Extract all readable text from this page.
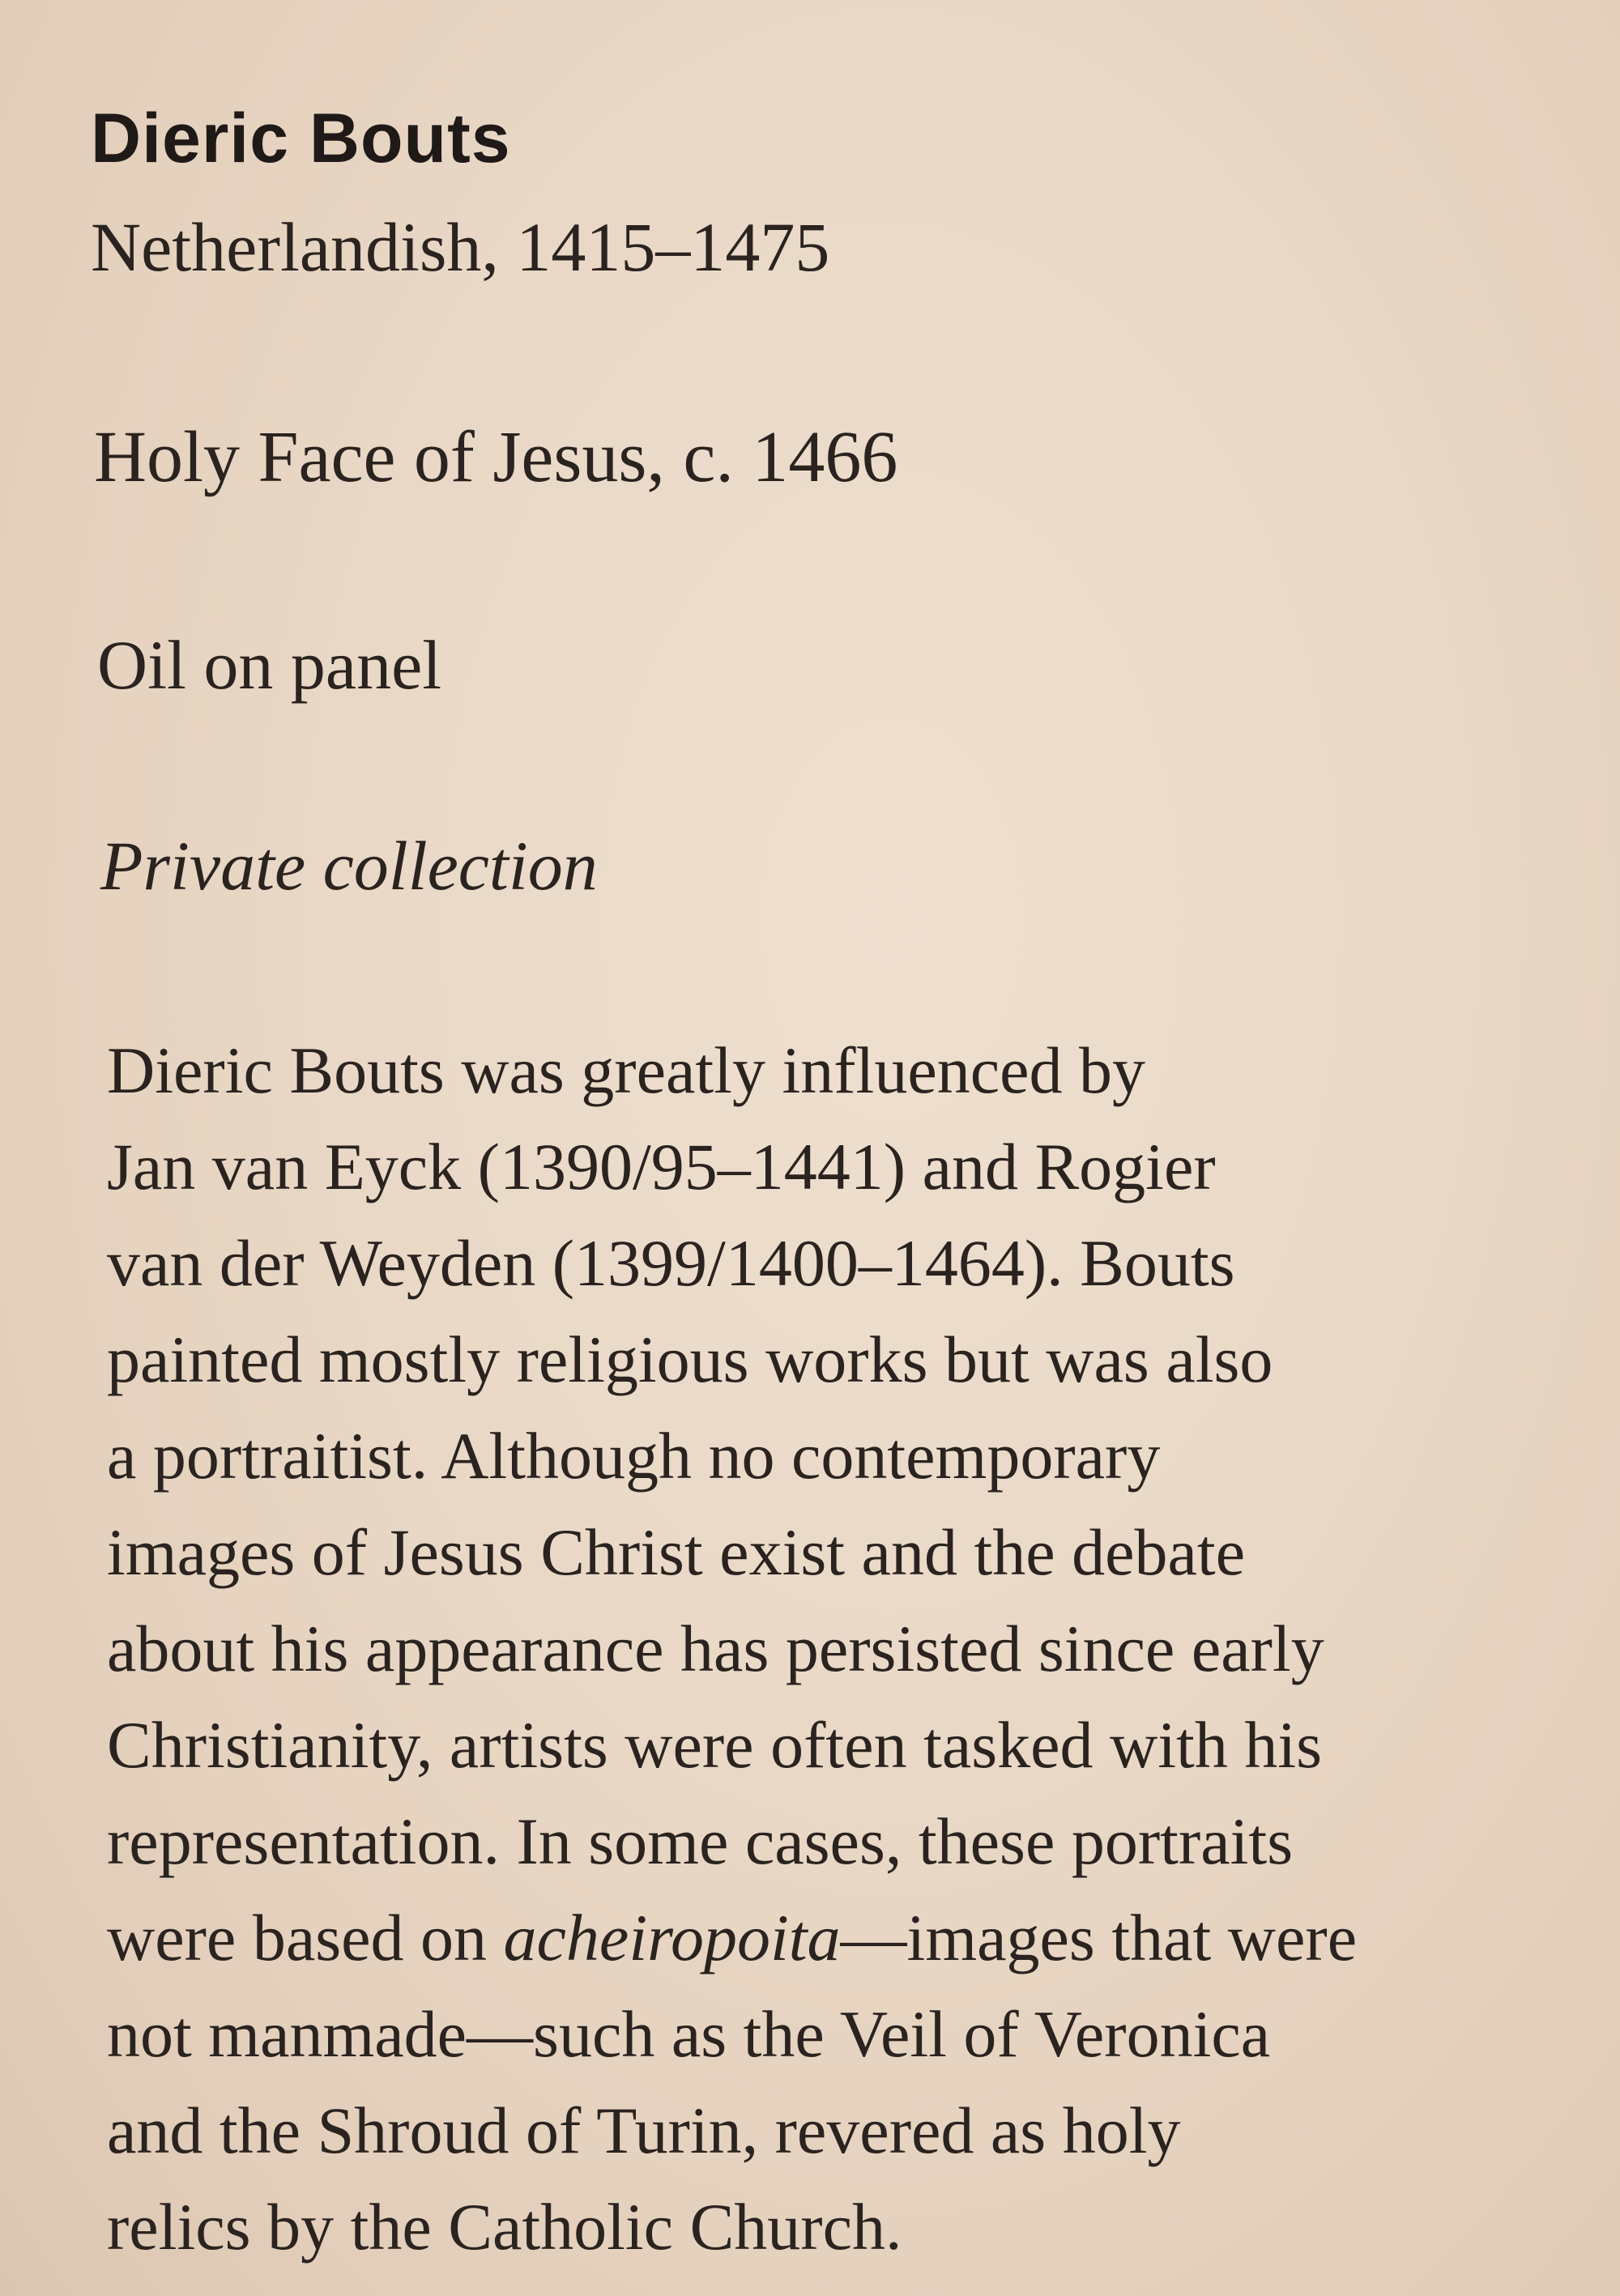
Dieric Bouts
Netherlandish, 1415–1475
Holy Face of Jesus, c. 1466
Oil on panel
Private collection
Dieric Bouts was greatly influenced by
Jan van Eyck (1390/95–1441) and Rogier
van der Weyden (1399/1400–1464). Bouts
painted mostly religious works but was also
a portraitist. Although no contemporary
images of Jesus Christ exist and the debate
about his appearance has persisted since early
Christianity, artists were often tasked with his
representation. In some cases, these portraits
were based on acheiropoita—images that were
not manmade—such as the Veil of Veronica
and the Shroud of Turin, revered as holy
relics by the Catholic Church.
